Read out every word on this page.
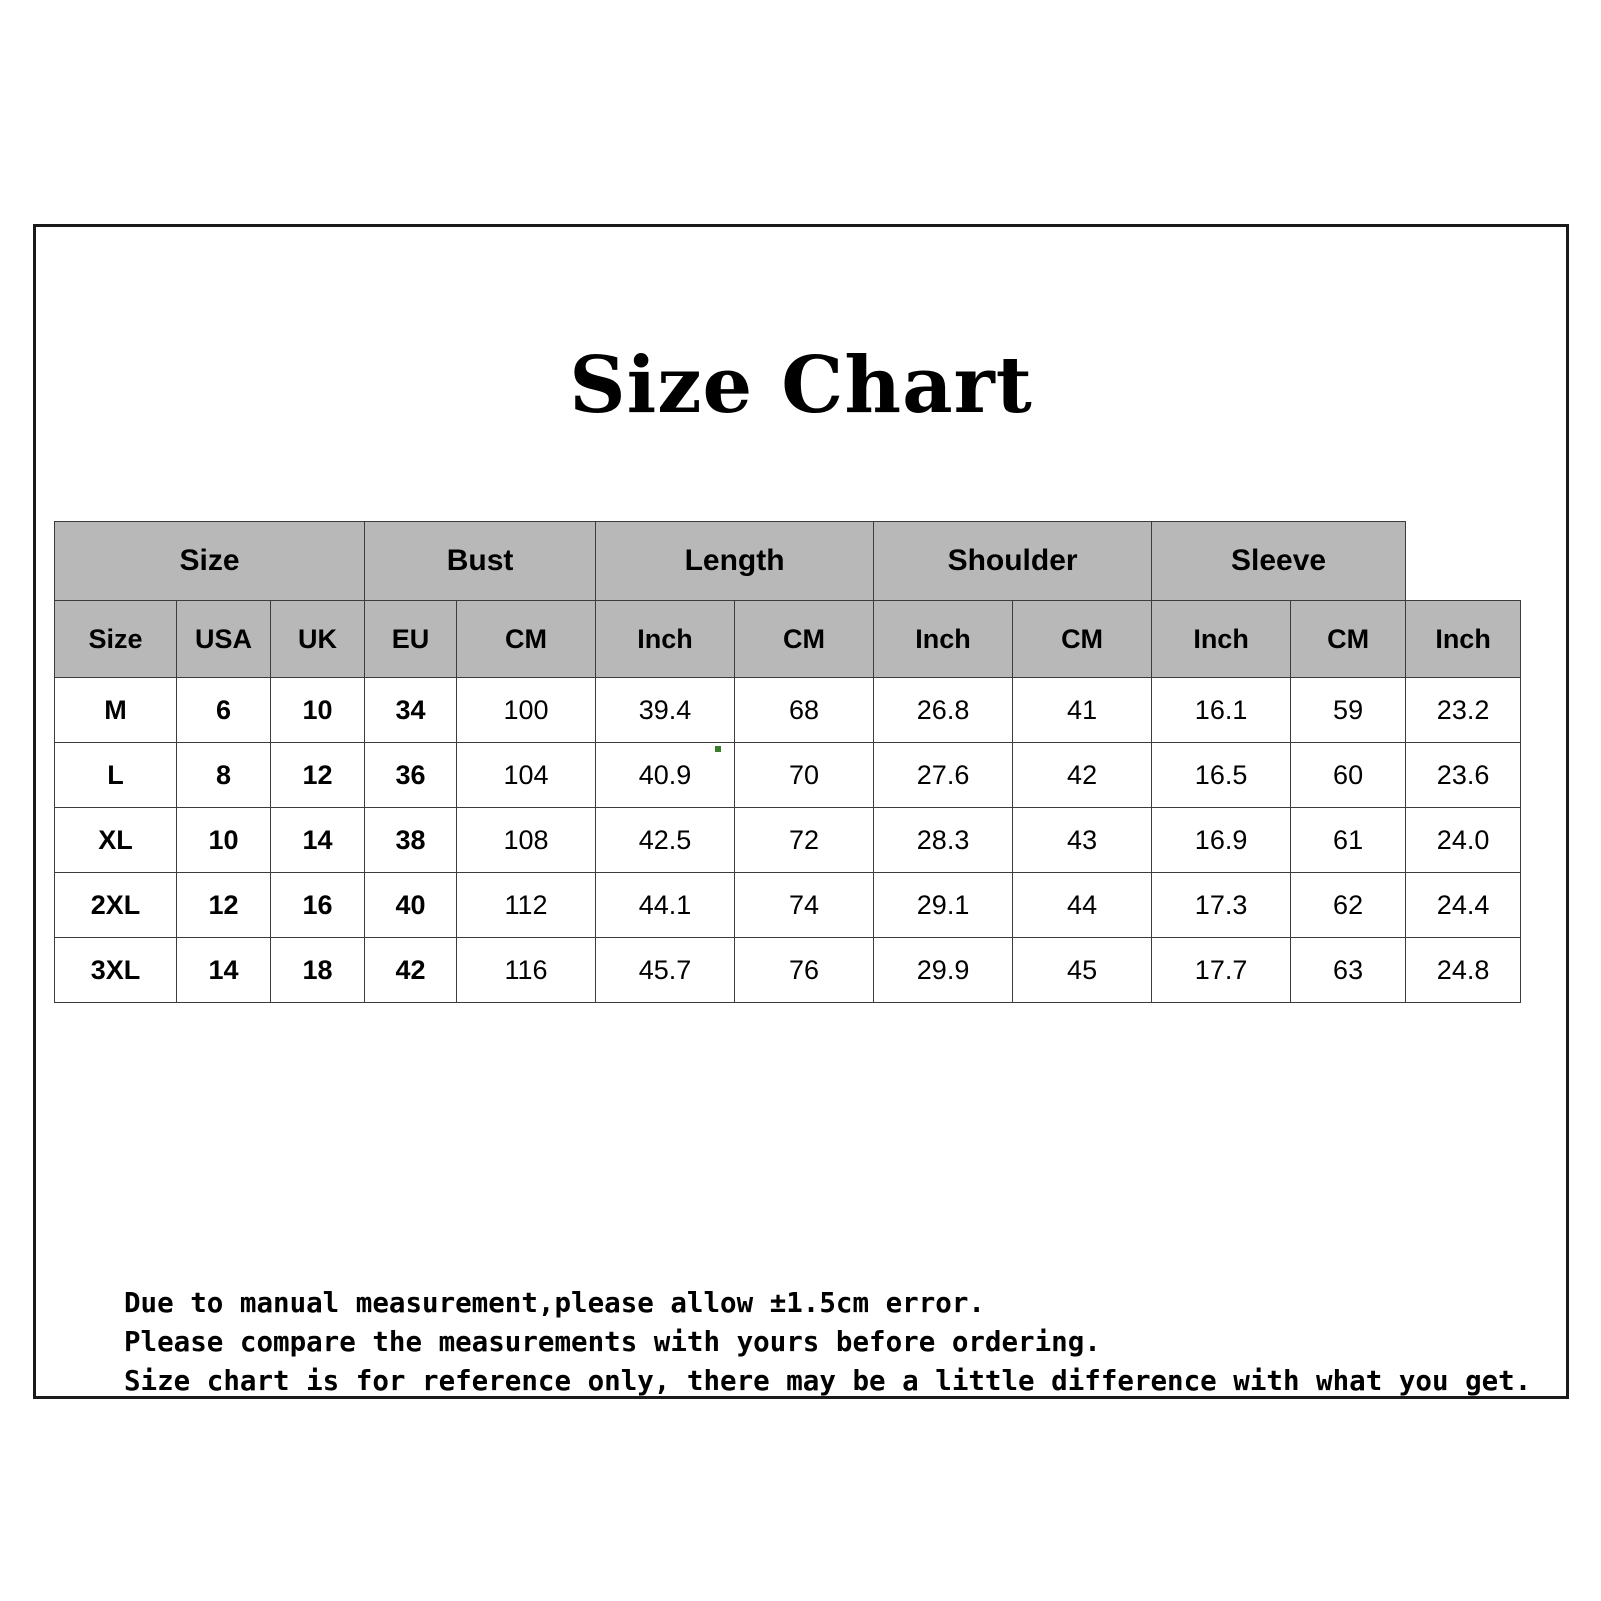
Size Chart
Size			Bust		Length		Shoulder		Sleeve		
Size	USA	UK	EU	CM	Inch	CM	Inch	CM	Inch	CM	Inch
M	6	10	34	100	39.4	68	26.8	41	16.1	59	23.2
L	8	12	36	104	40.9	70	27.6	42	16.5	60	23.6
XL	10	14	38	108	42.5	72	28.3	43	16.9	61	24.0
2XL	12	16	40	112	44.1	74	29.1	44	17.3	62	24.4
3XL	14	18	42	116	45.7	76	29.9	45	17.7	63	24.8
Due to manual measurement,please allow ±1.5cm error.
Please compare the measurements with yours before ordering.
Size chart is for reference only, there may be a little difference with what you get.
